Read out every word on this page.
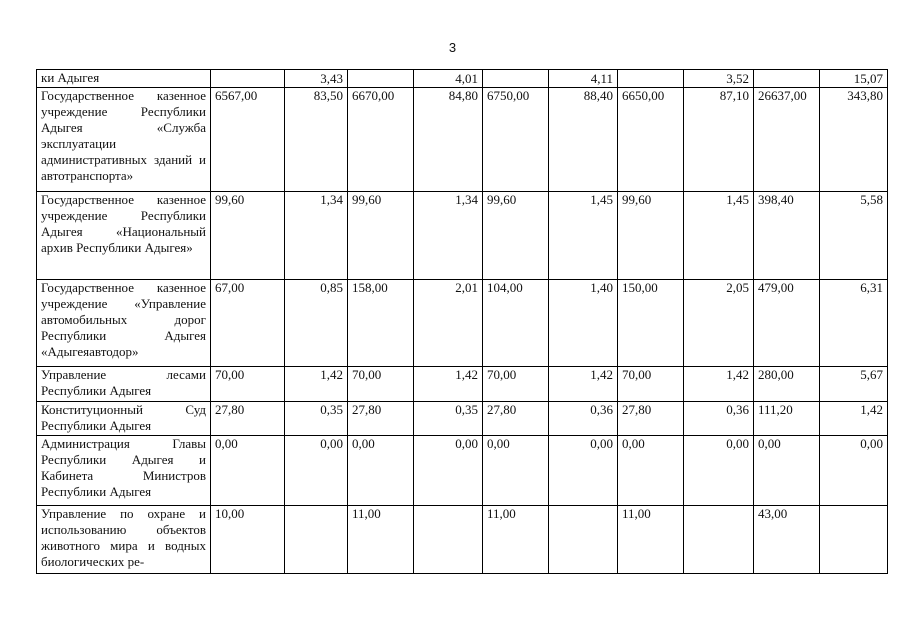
3
ки Адыгея		3,43		4,01		4,11		3,52		15,07
Государственное казенное учреждение Республики Адыгея «Служба эксплуатации административных зданий и автотранспорта»	6567,00	83,50	6670,00	84,80	6750,00	88,40	6650,00	87,10	26637,00	343,80
Государственное казенное учреждение Республики Адыгея «Национальный архив Республики Адыгея»	99,60	1,34	99,60	1,34	99,60	1,45	99,60	1,45	398,40	5,58
Государственное казенное учреждение «Управление автомобильных дорог Республики Адыгея «Адыгеяавтодор»	67,00	0,85	158,00	2,01	104,00	1,40	150,00	2,05	479,00	6,31
Управление лесами Республики Адыгея	70,00	1,42	70,00	1,42	70,00	1,42	70,00	1,42	280,00	5,67
Конституционный Суд Республики Адыгея	27,80	0,35	27,80	0,35	27,80	0,36	27,80	0,36	111,20	1,42
Администрация Главы Республики Адыгея и Кабинета Министров Республики Адыгея	0,00	0,00	0,00	0,00	0,00	0,00	0,00	0,00	0,00	0,00
Управление по охране и использованию объектов животного мира и водных биологических ре-	10,00		11,00		11,00		11,00		43,00	
